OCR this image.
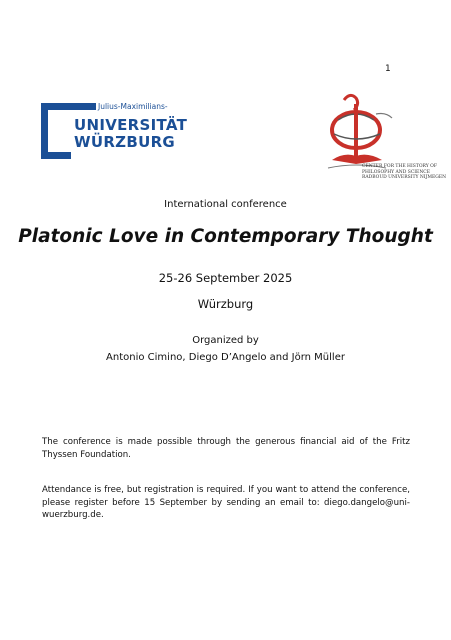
1
Julius-Maximilians-
UNIVERSITÄT
WÜRZBURG
CENTER FOR THE HISTORY OF
PHILOSOPHY AND SCIENCE
RADBOUD UNIVERSITY NIJMEGEN
International conference
Platonic Love in Contemporary Thought
25-26 September 2025
Würzburg
Organized by
Antonio Cimino, Diego D’Angelo and Jörn Müller
The conference is made possible through the generous financial aid of the Fritz Thyssen Foundation.
Attendance is free, but registration is required. If you want to attend the conference, please register before 15 September by sending an email to: diego.dangelo@uni-wuerzburg.de.
